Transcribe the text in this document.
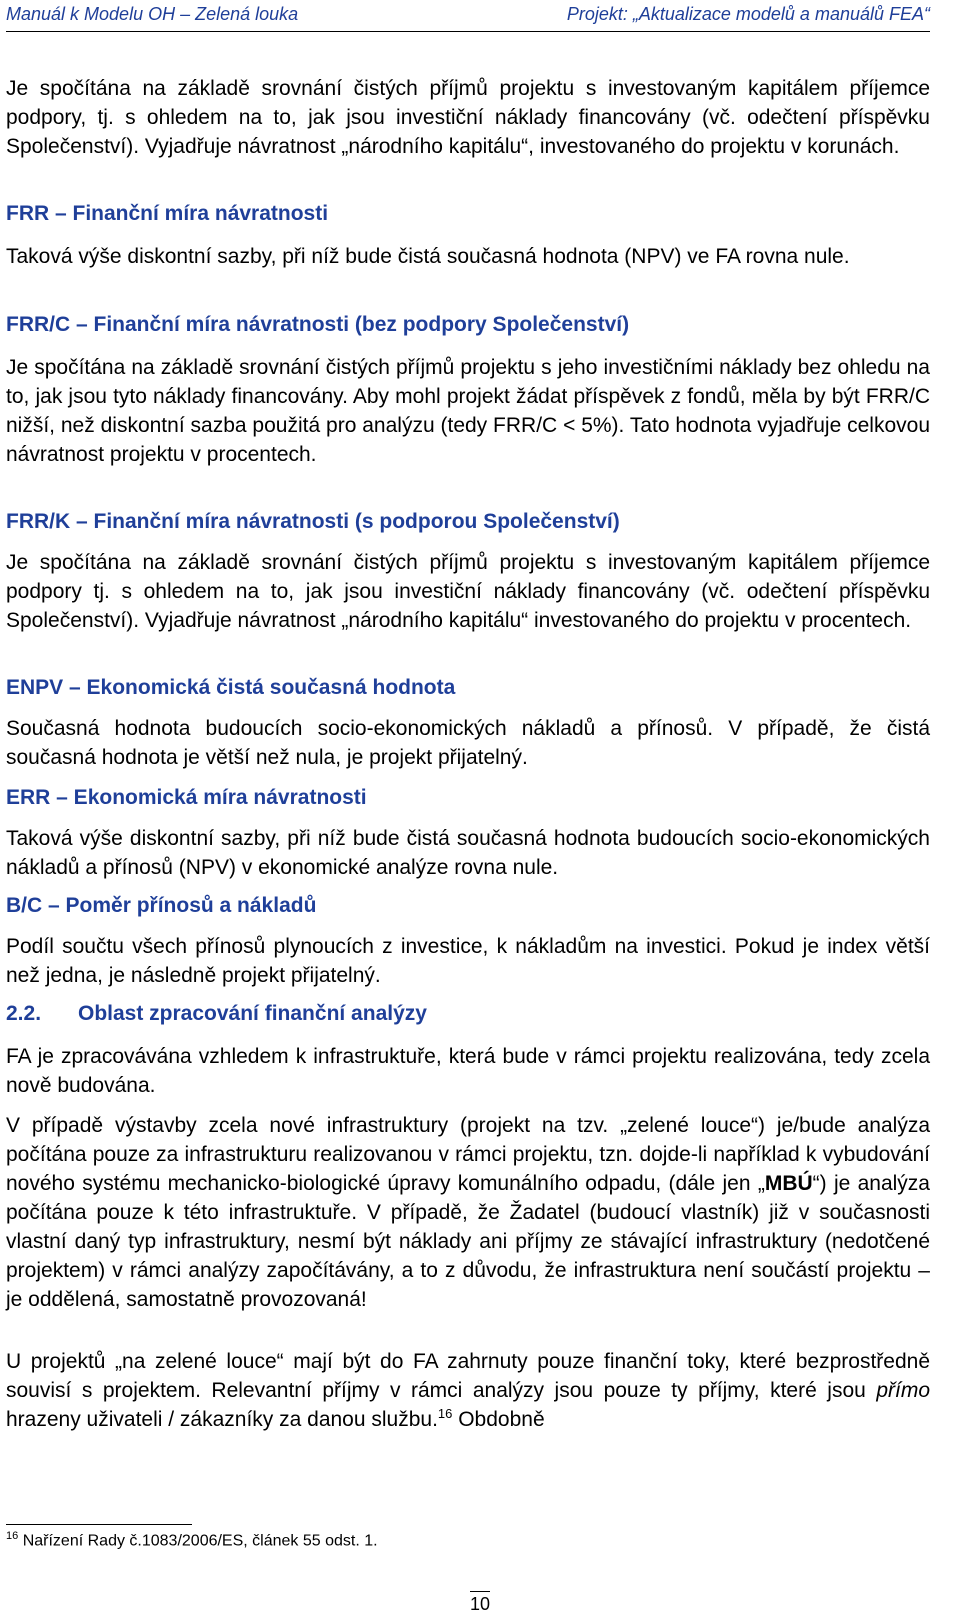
Manuál k Modelu OH – Zelená louka	Projekt: „Aktualizace modelů a manuálů FEA“

Je spočítána na základě srovnání čistých příjmů projektu s investovaným kapitálem příjemce podpory, tj. s ohledem na to, jak jsou investiční náklady financovány (vč. odečtení příspěvku Společenství). Vyjadřuje návratnost „národního kapitálu“, investovaného do projektu v korunách.

FRR – Finanční míra návratnosti

Taková výše diskontní sazby, při níž bude čistá současná hodnota (NPV) ve FA rovna nule.

FRR/C – Finanční míra návratnosti (bez podpory Společenství)

Je spočítána na základě srovnání čistých příjmů projektu s jeho investičními náklady bez ohledu na to, jak jsou tyto náklady financovány. Aby mohl projekt žádat příspěvek z fondů, měla by být FRR/C nižší, než diskontní sazba použitá pro analýzu (tedy FRR/C < 5%). Tato hodnota vyjadřuje celkovou návratnost projektu v procentech.

FRR/K – Finanční míra návratnosti (s podporou Společenství)

Je spočítána na základě srovnání čistých příjmů projektu s investovaným kapitálem příjemce podpory tj. s ohledem na to, jak jsou investiční náklady financovány (vč. odečtení příspěvku Společenství). Vyjadřuje návratnost „národního kapitálu“ investovaného do projektu v procentech.

ENPV – Ekonomická čistá současná hodnota

Současná hodnota budoucích socio-ekonomických nákladů a přínosů. V případě, že čistá současná hodnota je větší než nula, je projekt přijatelný.

ERR – Ekonomická míra návratnosti

Taková výše diskontní sazby, při níž bude čistá současná hodnota budoucích socio-ekonomických nákladů a přínosů (NPV) v ekonomické analýze rovna nule.

B/C – Poměr přínosů a nákladů

Podíl součtu všech přínosů plynoucích z investice, k nákladům na investici. Pokud je index větší než jedna, je následně projekt přijatelný.

2.2. Oblast zpracování finanční analýzy

FA je zpracovávána vzhledem k infrastruktuře, která bude v rámci projektu realizována, tedy zcela nově budována.

V případě výstavby zcela nové infrastruktury (projekt na tzv. „zelené louce“) je/bude analýza počítána pouze za infrastrukturu realizovanou v rámci projektu, tzn. dojde-li například k vybudování nového systému mechanicko-biologické úpravy komunálního odpadu, (dále jen „MBÚ“) je analýza počítána pouze k této infrastruktuře. V případě, že Žadatel (budoucí vlastník) již v současnosti vlastní daný typ infrastruktury, nesmí být náklady ani příjmy ze stávající infrastruktury (nedotčené projektem) v rámci analýzy započítávány, a to z důvodu, že infrastruktura není součástí projektu – je oddělená, samostatně provozovaná!

U projektů „na zelené louce“ mají být do FA zahrnuty pouze finanční toky, které bezprostředně souvisí s projektem. Relevantní příjmy v rámci analýzy jsou pouze ty příjmy, které jsou přímo hrazeny uživateli / zákazníky za danou službu.$^{16}$ Obdobně

$^{16}$ Nařízení Rady č.1083/2006/ES, článek 55 odst. 1.
10
